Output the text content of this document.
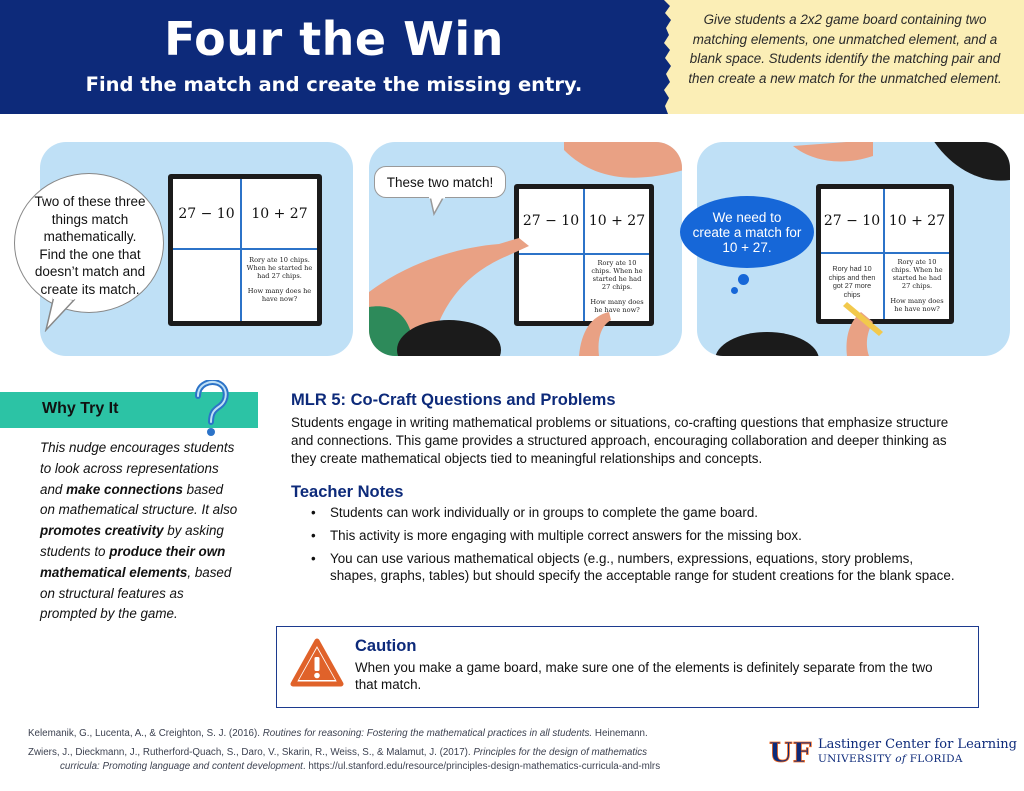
Four the Win
Find the match and create the missing entry.
Give students a 2x2 game board containing two matching elements, one unmatched element, and a blank space. Students identify the matching pair and then create a new match for the unmatched element.
27 − 10	10 + 27
Rory ate 10 chips. When he started he had 27 chips.
How many does he have now?
Two of these three things match mathematically. Find the one that doesn’t match and create its match.
27 − 10 10 + 27
Rory ate 10 chips. When he started he had 27 chips.
How many does he have now?
These two match!
27 − 10 10 + 27
Rory had 10 chips and then got 27 more chips
Rory ate 10 chips. When he started he had 27 chips.
How many does he have now?
We need to create a match for 10 + 27.
Why Try It
This nudge encourages students to look across representations and make connections based on mathematical structure. It also promotes creativity by asking students to produce their own mathematical elements, based on structural features as prompted by the game.
MLR 5: Co-Craft Questions and Problems
Students engage in writing mathematical problems or situations, co-crafting questions that emphasize structure and connections. This game provides a structured approach, encouraging collaboration and deeper thinking as they create mathematical objects tied to meaningful relationships and concepts.
Teacher Notes
• Students can work individually or in groups to complete the game board.
• This activity is more engaging with multiple correct answers for the missing box.
• You can use various mathematical objects (e.g., numbers, expressions, equations, story problems, shapes, graphs, tables) but should specify the acceptable range for student creations for the blank space.
Caution
When you make a game board, make sure one of the elements is definitely separate from the two that match.
Kelemanik, G., Lucenta, A., & Creighton, S. J. (2016). Routines for reasoning: Fostering the mathematical practices in all students. Heinemann.
Zwiers, J., Dieckmann, J., Rutherford-Quach, S., Daro, V., Skarin, R., Weiss, S., & Malamut, J. (2017). Principles for the design of mathematics
curricula: Promoting language and content development. https://ul.stanford.edu/resource/principles-design-mathematics-curricula-and-mlrs	UF Lastinger Center for Learning
UNIVERSITY of FLORIDA
